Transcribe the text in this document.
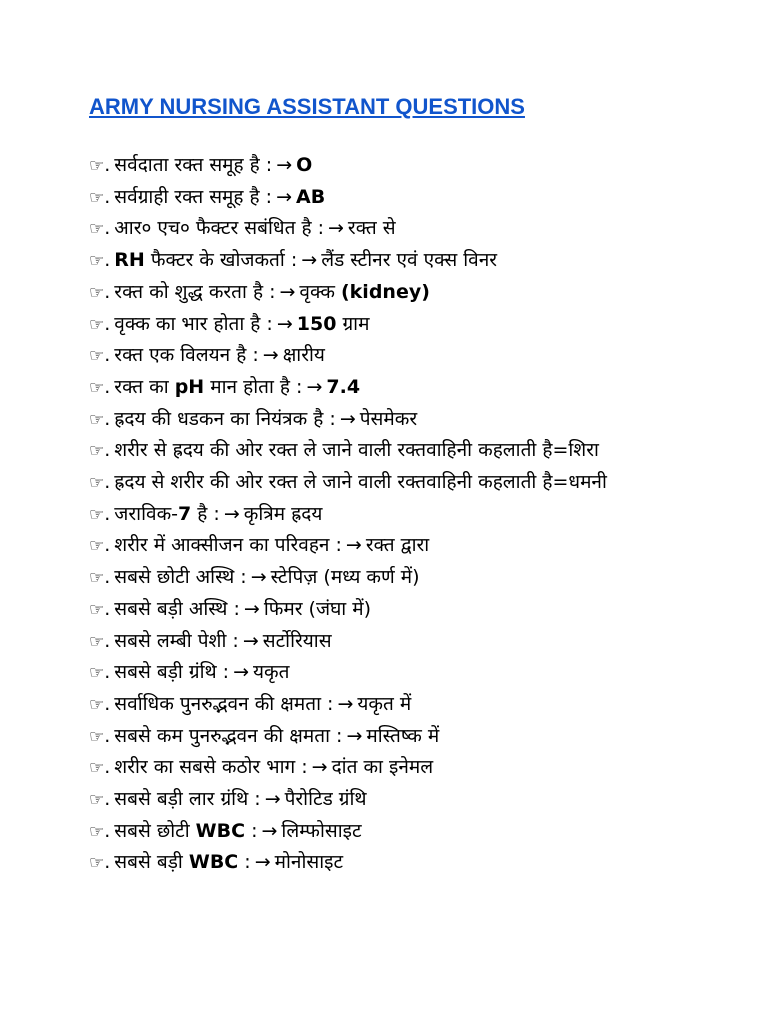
ARMY NURSING ASSISTANT QUESTIONS
☞. सर्वदाता रक्त समूह है : → O
☞. सर्वग्राही रक्त समूह है : → AB
☞. आर० एच० फैक्टर सबंधित है : → रक्त से
☞. RH फैक्टर के खोजकर्ता : → लैंड स्टीनर एवं एक्स विनर
☞. रक्त को शुद्ध करता है : → वृक्क (kidney)
☞. वृक्क का भार होता है : → 150 ग्राम
☞. रक्त एक विलयन है : → क्षारीय
☞. रक्त का pH मान होता है : → 7.4
☞. ह्रदय की धडकन का नियंत्रक है : → पेसमेकर
☞. शरीर से ह्रदय की ओर रक्त ले जाने वाली रक्तवाहिनी कहलाती है=शिरा
☞. ह्रदय से शरीर की ओर रक्त ले जाने वाली रक्तवाहिनी कहलाती है=धमनी
☞. जराविक-7 है : → कृत्रिम ह्रदय
☞. शरीर में आक्सीजन का परिवहन : → रक्त द्वारा
☞. सबसे छोटी अस्थि : → स्टेपिज़ (मध्य कर्ण में)
☞. सबसे बड़ी अस्थि : → फिमर (जंघा में)
☞. सबसे लम्बी पेशी : → सर्टोरियास
☞. सबसे बड़ी ग्रंथि : → यकृत
☞. सर्वाधिक पुनरुद्भवन की क्षमता : → यकृत में
☞. सबसे कम पुनरुद्भवन की क्षमता : → मस्तिष्क में
☞. शरीर का सबसे कठोर भाग : → दांत का इनेमल
☞. सबसे बड़ी लार ग्रंथि : → पैरोटिड ग्रंथि
☞. सबसे छोटी WBC : → लिम्फोसाइट
☞. सबसे बड़ी WBC : → मोनोसाइट
